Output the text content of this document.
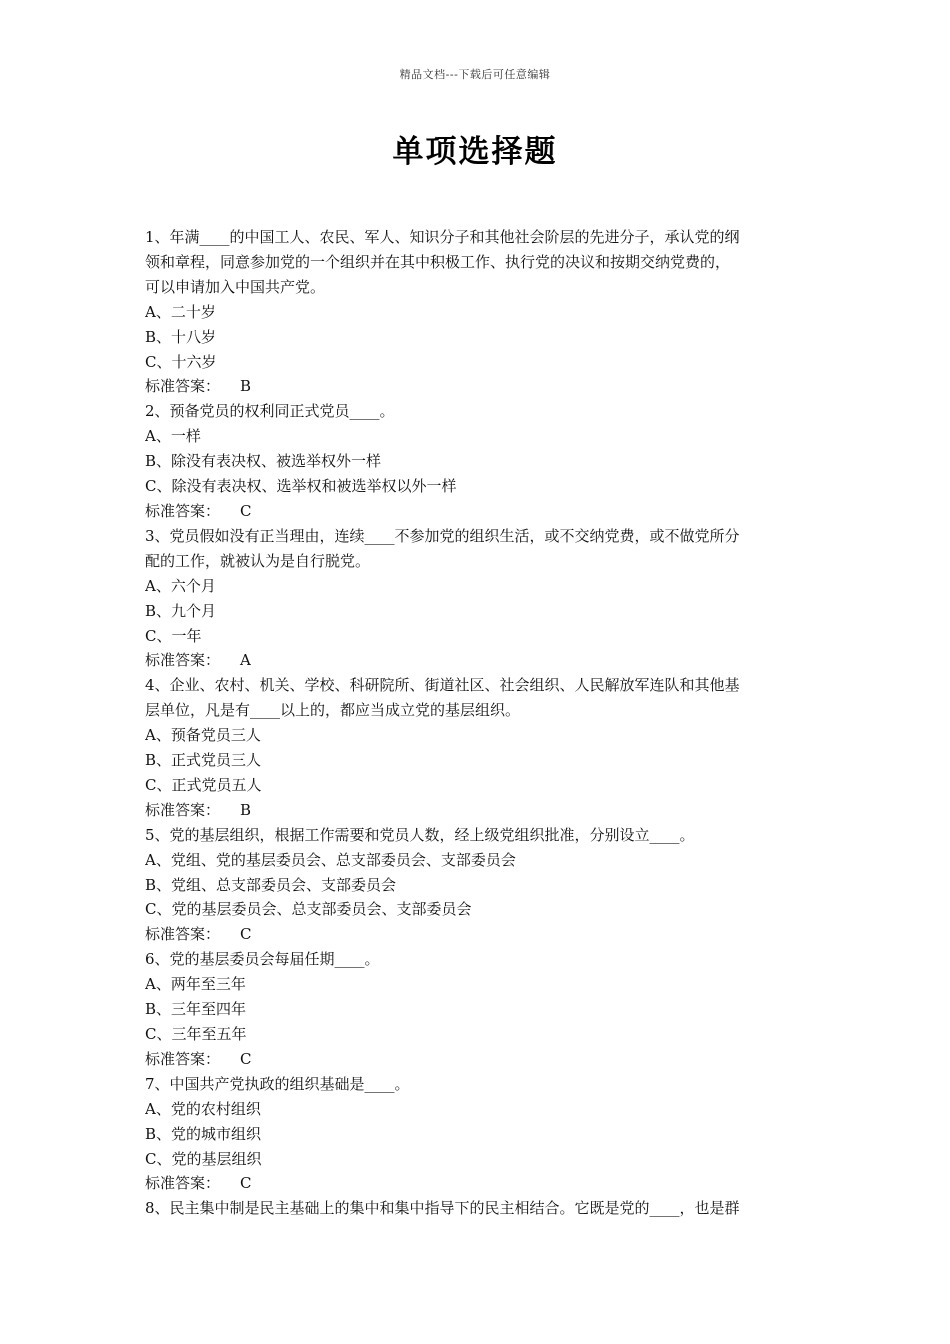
精品文档---下载后可任意编辑
单项选择题
1、年满____的中国工人、农民、军人、知识分子和其他社会阶层的先进分子，承认党的纲
领和章程，同意参加党的一个组织并在其中积极工作、执行党的决议和按期交纳党费的，
可以申请加入中国共产党。
A、二十岁
B、十八岁
C、十六岁
标准答案： B
2、预备党员的权利同正式党员____。
A、一样
B、除没有表决权、被选举权外一样
C、除没有表决权、选举权和被选举权以外一样
标准答案： C
3、党员假如没有正当理由，连续____不参加党的组织生活，或不交纳党费，或不做党所分
配的工作，就被认为是自行脱党。
A、六个月
B、九个月
C、一年
标准答案： A
4、企业、农村、机关、学校、科研院所、街道社区、社会组织、人民解放军连队和其他基
层单位，凡是有____以上的，都应当成立党的基层组织。
A、预备党员三人
B、正式党员三人
C、正式党员五人
标准答案： B
5、党的基层组织，根据工作需要和党员人数，经上级党组织批准，分别设立____。
A、党组、党的基层委员会、总支部委员会、支部委员会
B、党组、总支部委员会、支部委员会
C、党的基层委员会、总支部委员会、支部委员会
标准答案： C
6、党的基层委员会每届任期____。
A、两年至三年
B、三年至四年
C、三年至五年
标准答案： C
7、中国共产党执政的组织基础是____。
A、党的农村组织
B、党的城市组织
C、党的基层组织
标准答案： C
8、民主集中制是民主基础上的集中和集中指导下的民主相结合。它既是党的____，也是群
